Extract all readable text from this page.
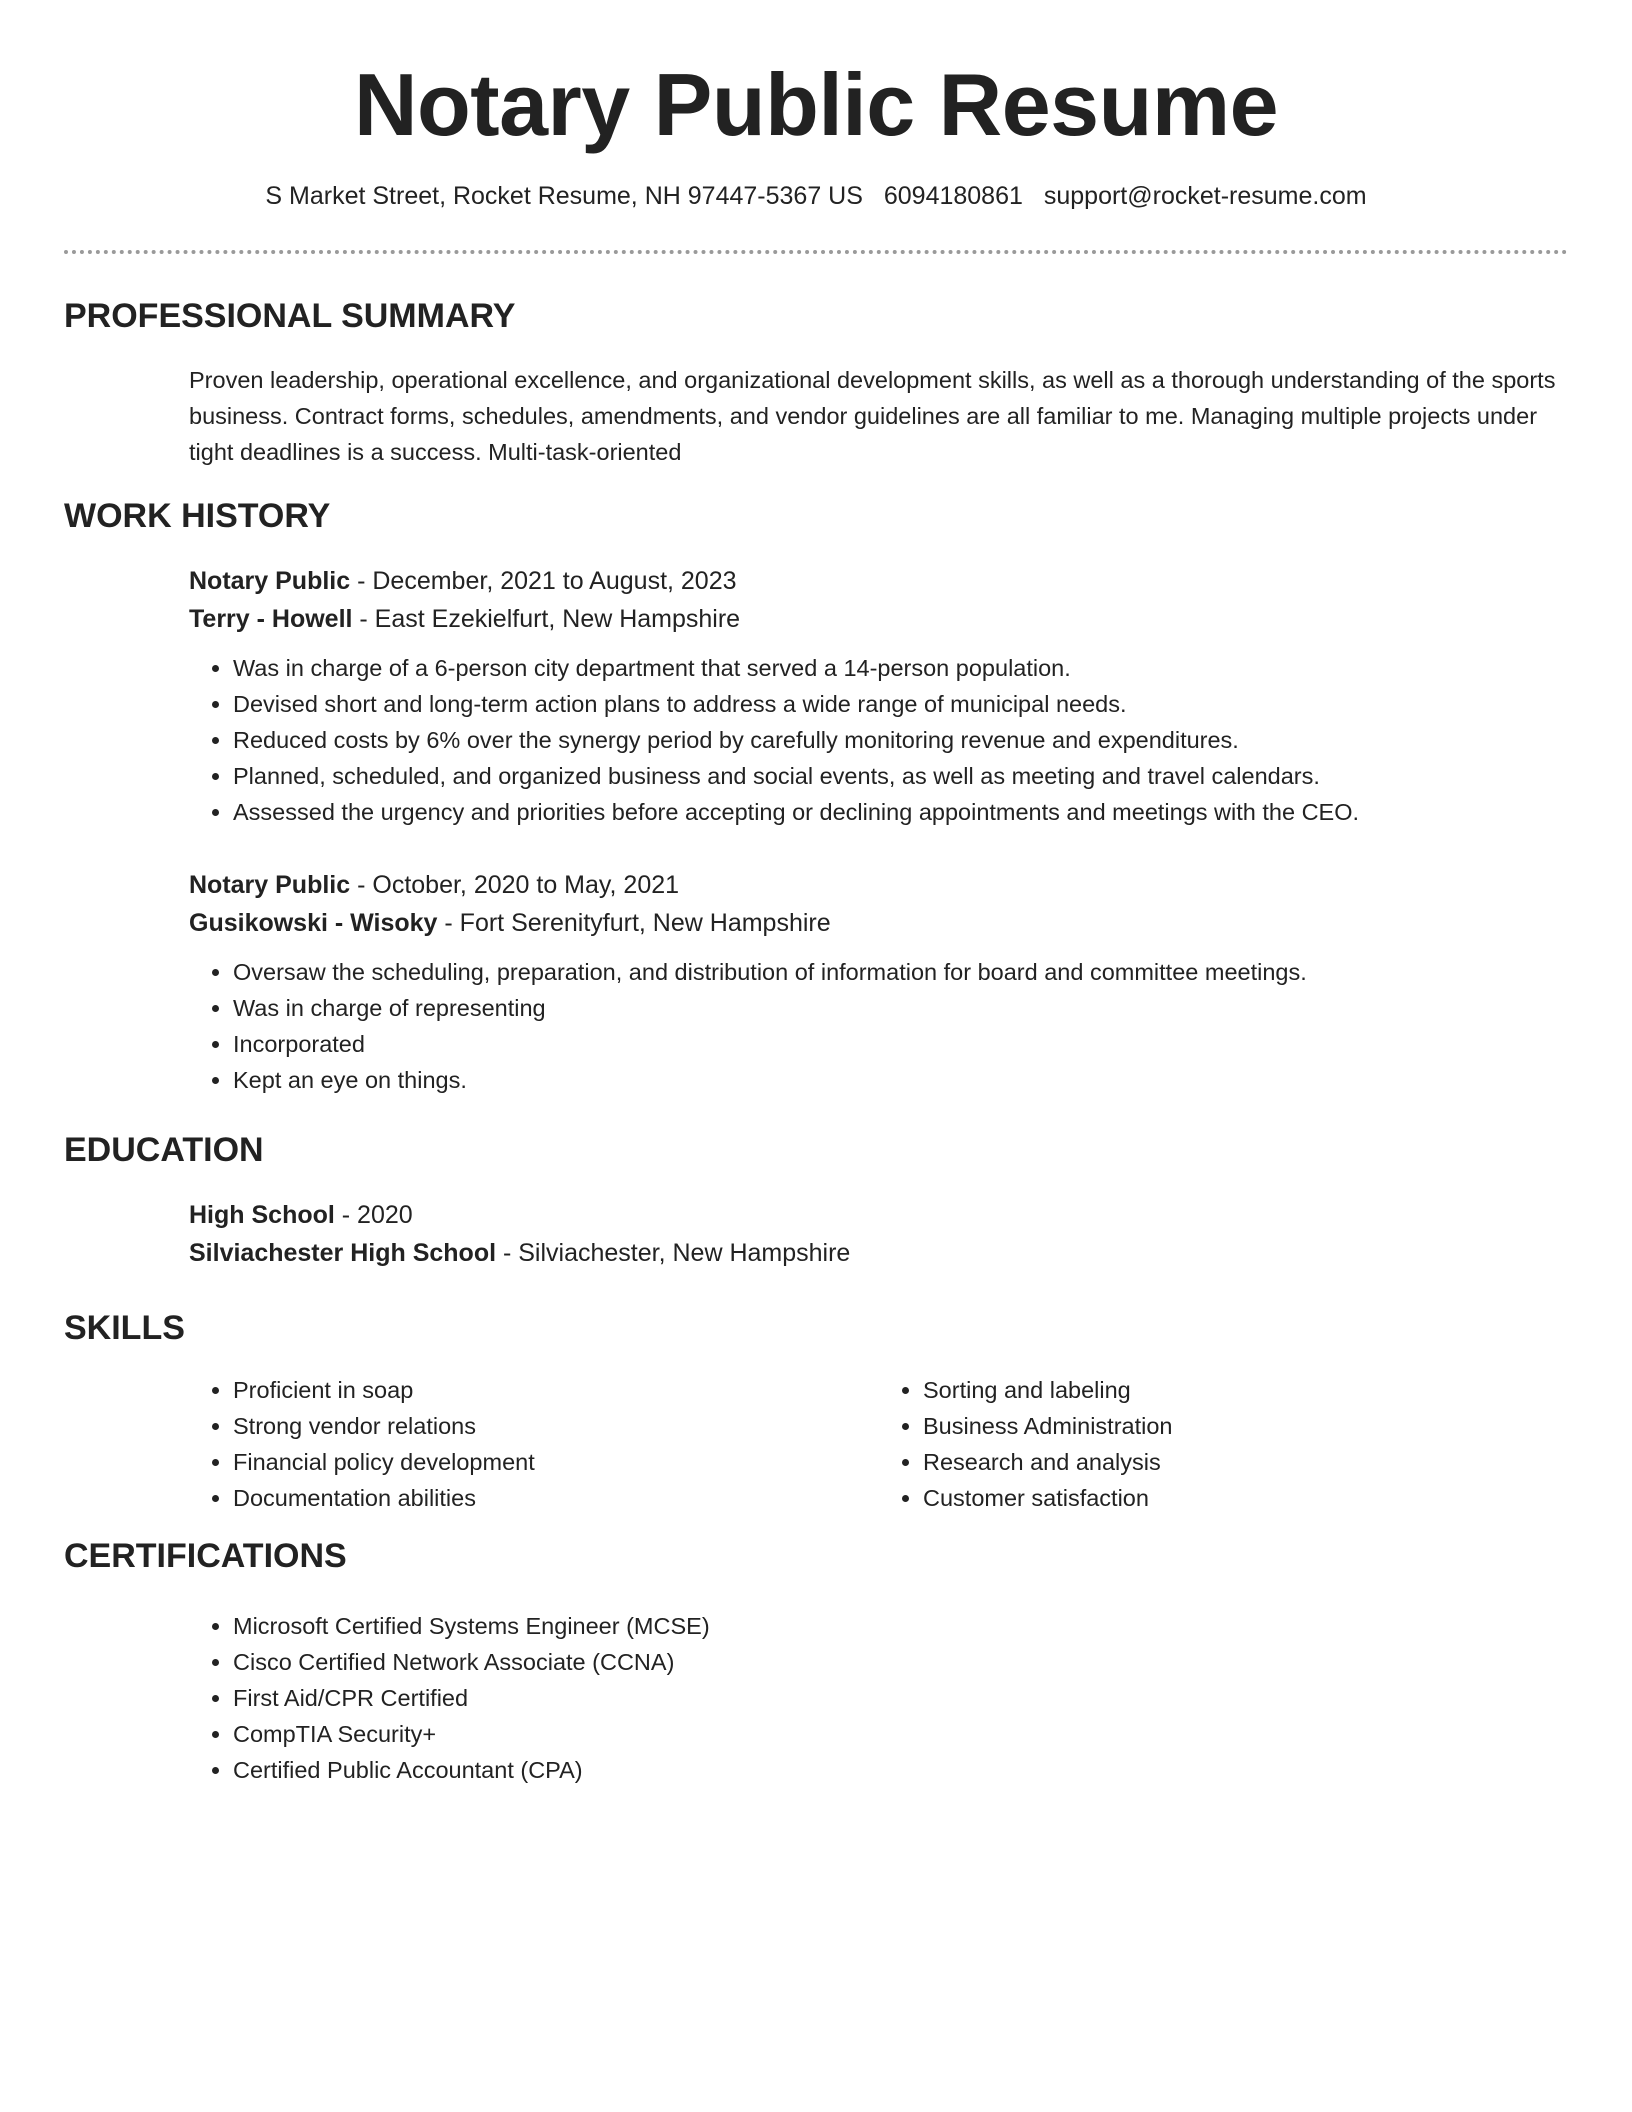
Notary Public Resume
S Market Street, Rocket Resume, NH 97447-5367 US 6094180861 support@rocket-resume.com
PROFESSIONAL SUMMARY

Proven leadership, operational excellence, and organizational development skills, as well as a thorough understanding of the sports business. Contract forms, schedules, amendments, and vendor guidelines are all familiar to me. Managing multiple projects under tight deadlines is a success. Multi-task-oriented

WORK HISTORY

Notary Public - December, 2021 to August, 2023

Terry - Howell - East Ezekielfurt, New Hampshire

• Was in charge of a 6-person city department that served a 14-person population.
• Devised short and long-term action plans to address a wide range of municipal needs.
• Reduced costs by 6% over the synergy period by carefully monitoring revenue and expenditures.
• Planned, scheduled, and organized business and social events, as well as meeting and travel calendars.
• Assessed the urgency and priorities before accepting or declining appointments and meetings with the CEO.

Notary Public - October, 2020 to May, 2021

Gusikowski - Wisoky - Fort Serenityfurt, New Hampshire

• Oversaw the scheduling, preparation, and distribution of information for board and committee meetings.
• Was in charge of representing
• Incorporated
• Kept an eye on things.
EDUCATION

High School - 2020

Silviachester High School - Silviachester, New Hampshire

SKILLS
• Proficient in soap
• Strong vendor relations
• Financial policy development
• Documentation abilities
• Sorting and labeling
• Business Administration
• Research and analysis
• Customer satisfaction
CERTIFICATIONS
• Microsoft Certified Systems Engineer (MCSE)
• Cisco Certified Network Associate (CCNA)
• First Aid/CPR Certified
• CompTIA Security+
• Certified Public Accountant (CPA)
